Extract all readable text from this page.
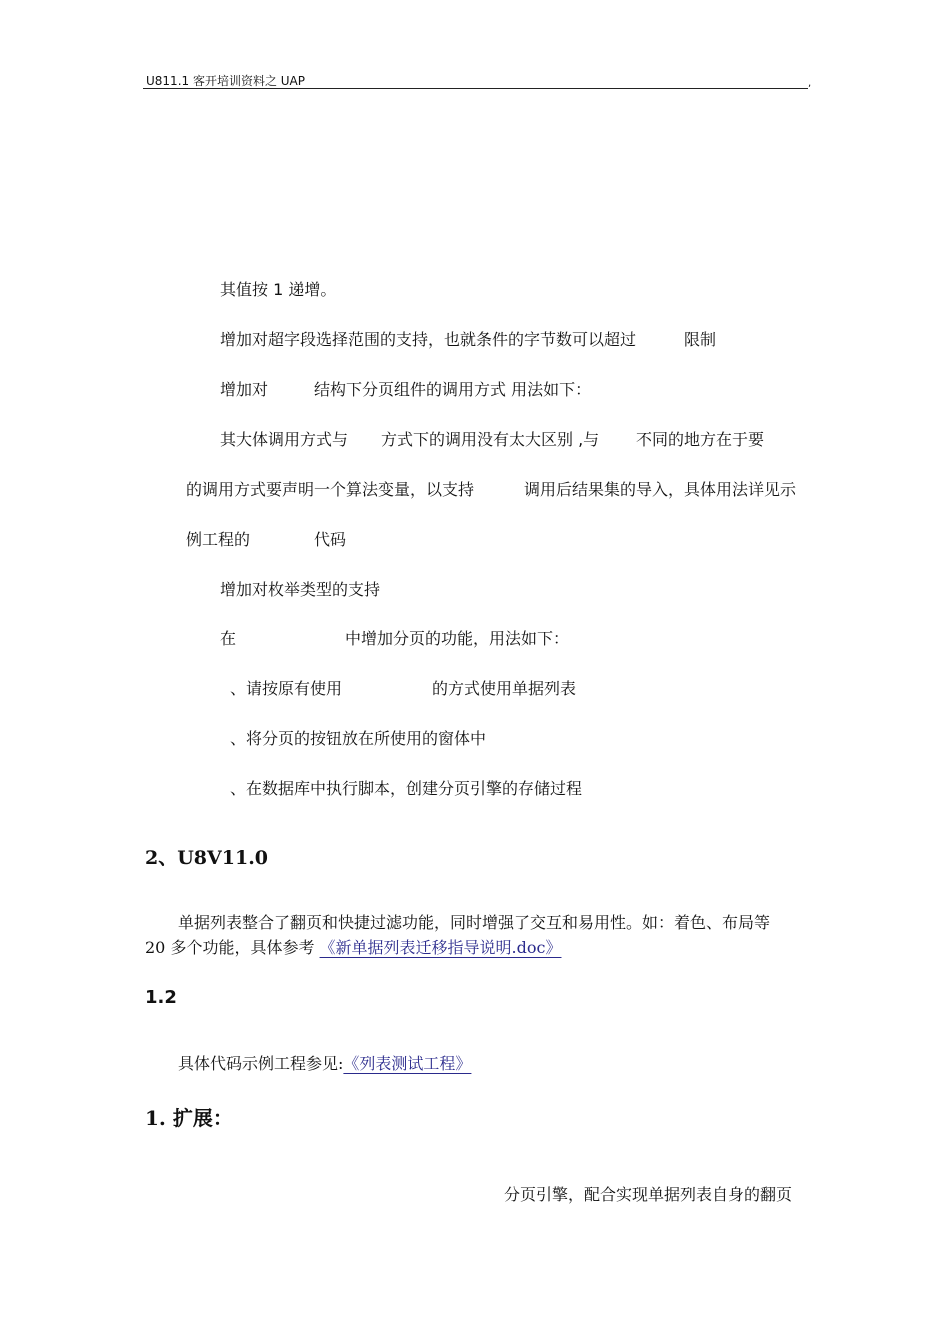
U811.1 客开培训资料之 UAP	,
其值按 1 递增。
增加对超字段选择范围的支持，也就条件的字节数可以超过	限制
增加对	结构下分页组件的调用方式 用法如下：
其大体调用方式与 方式下的调用没有太大区别 ,与 不同的地方在于要
的调用方式要声明一个算法变量，以支持	调用后结果集的导入，具体用法详见示
例工程的	代码
增加对枚举类型的支持
在	中增加分页的功能，用法如下：
、请按原有使用	的方式使用单据列表
、将分页的按钮放在所使用的窗体中
、在数据库中执行脚本，创建分页引擎的存储过程
2、U8V11.0
单据列表整合了翻页和快捷过滤功能，同时增强了交互和易用性。如：着色、布局等
20 多个功能，具体参考 《新单据列表迁移指导说明.doc》
1.2
具体代码示例工程参见:《列表测试工程》
1. 扩展：
分页引擎，配合实现单据列表自身的翻页
